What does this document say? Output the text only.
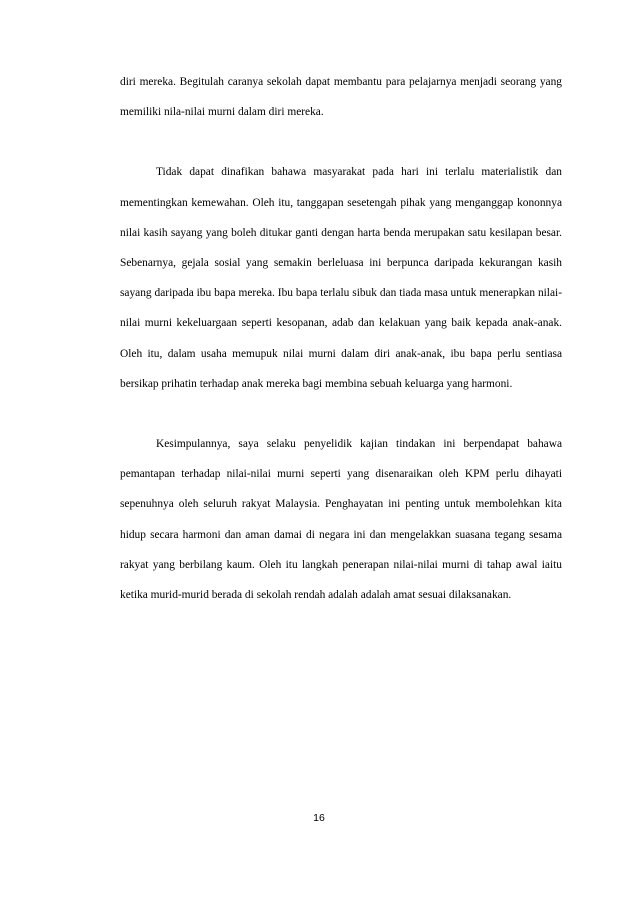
diri mereka. Begitulah caranya sekolah dapat membantu para pelajarnya menjadi seorang yang memiliki nila-nilai murni dalam diri mereka.

Tidak dapat dinafikan bahawa masyarakat pada hari ini terlalu materialistik dan mementingkan kemewahan. Oleh itu, tanggapan sesetengah pihak yang menganggap kononnya nilai kasih sayang yang boleh ditukar ganti dengan harta benda merupakan satu kesilapan besar. Sebenarnya, gejala sosial yang semakin berleluasa ini berpunca daripada kekurangan kasih sayang daripada ibu bapa mereka. Ibu bapa terlalu sibuk dan tiada masa untuk menerapkan nilai-nilai murni kekeluargaan seperti kesopanan, adab dan kelakuan yang baik kepada anak-anak. Oleh itu, dalam usaha memupuk nilai murni dalam diri anak-anak, ibu bapa perlu sentiasa bersikap prihatin terhadap anak mereka bagi membina sebuah keluarga yang harmoni.

Kesimpulannya, saya selaku penyelidik kajian tindakan ini berpendapat bahawa pemantapan terhadap nilai-nilai murni seperti yang disenaraikan oleh KPM perlu dihayati sepenuhnya oleh seluruh rakyat Malaysia. Penghayatan ini penting untuk membolehkan kita hidup secara harmoni dan aman damai di negara ini dan mengelakkan suasana tegang sesama rakyat yang berbilang kaum. Oleh itu langkah penerapan nilai-nilai murni di tahap awal iaitu ketika murid-murid berada di sekolah rendah adalah adalah amat sesuai dilaksanakan.

16
